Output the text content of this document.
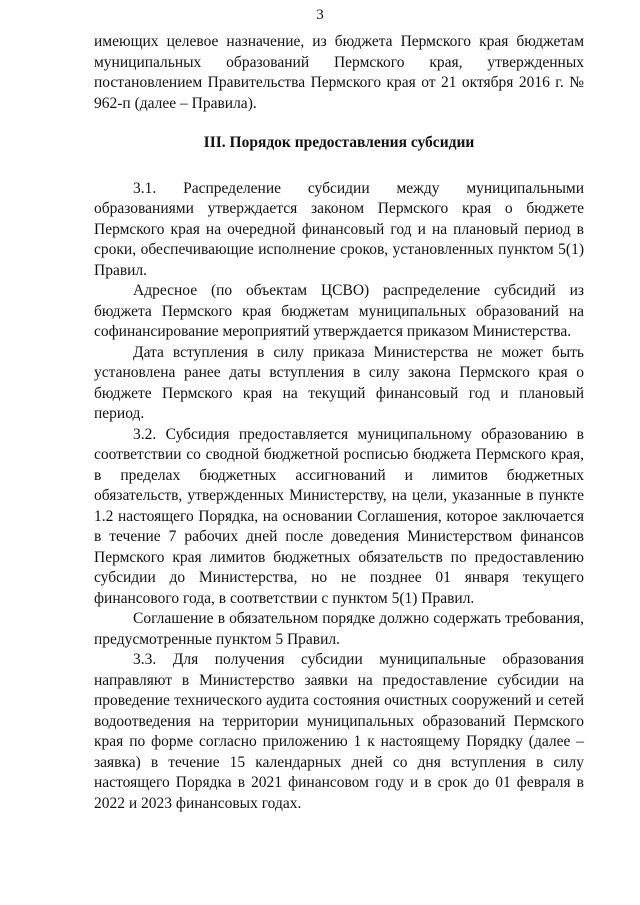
3

имеющих целевое назначение, из бюджета Пермского края бюджетам муниципальных образований Пермского края, утвержденных постановлением Правительства Пермского края от 21 октября 2016 г. № 962-п (далее – Правила).

III. Порядок предоставления субсидии

3.1. Распределение субсидии между муниципальными образованиями утверждается законом Пермского края о бюджете Пермского края на очередной финансовый год и на плановый период в сроки, обеспечивающие исполнение сроков, установленных пунктом 5(1) Правил.

Адресное (по объектам ЦСВО) распределение субсидий из бюджета Пермского края бюджетам муниципальных образований на софинансирование мероприятий утверждается приказом Министерства.

Дата вступления в силу приказа Министерства не может быть установлена ранее даты вступления в силу закона Пермского края о бюджете Пермского края на текущий финансовый год и плановый период.

3.2. Субсидия предоставляется муниципальному образованию в соответствии со сводной бюджетной росписью бюджета Пермского края, в пределах бюджетных ассигнований и лимитов бюджетных обязательств, утвержденных Министерству, на цели, указанные в пункте 1.2 настоящего Порядка, на основании Соглашения, которое заключается в течение 7 рабочих дней после доведения Министерством финансов Пермского края лимитов бюджетных обязательств по предоставлению субсидии до Министерства, но не позднее 01 января текущего финансового года, в соответствии с пунктом 5(1) Правил.

Соглашение в обязательном порядке должно содержать требования, предусмотренные пунктом 5 Правил.

3.3. Для получения субсидии муниципальные образования направляют в Министерство заявки на предоставление субсидии на проведение технического аудита состояния очистных сооружений и сетей водоотведения на территории муниципальных образований Пермского края по форме согласно приложению 1 к настоящему Порядку (далее – заявка) в течение 15 календарных дней со дня вступления в силу настоящего Порядка в 2021 финансовом году и в срок до 01 февраля в 2022 и 2023 финансовых годах.
